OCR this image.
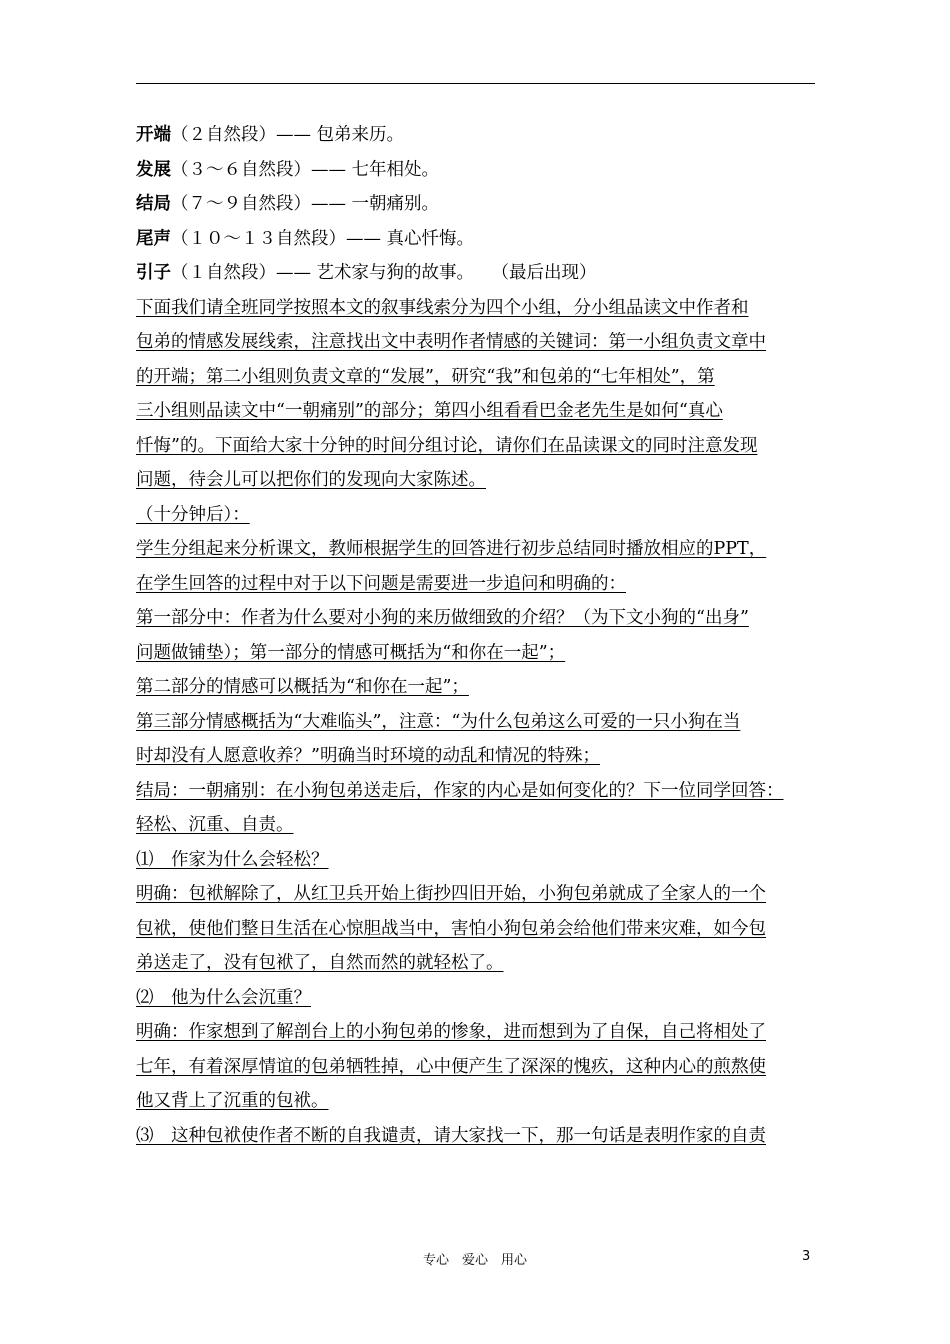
开端（２自然段）—— 包弟来历。
发展（３～６自然段）—— 七年相处。
结局（７～９自然段）—— 一朝痛别。
尾声（１０～１３自然段）—— 真心忏悔。
引子（１自然段）—— 艺术家与狗的故事。　　（最后出现）
下面我们请全班同学按照本文的叙事线索分为四个小组，分小组品读文中作者和
包弟的情感发展线索，注意找出文中表明作者情感的关键词：第一小组负责文章中
的开端；第二小组则负责文章的“发展”，研究“我”和包弟的“七年相处”，第
三小组则品读文中“一朝痛别”的部分；第四小组看看巴金老先生是如何“真心
忏悔”的。下面给大家十分钟的时间分组讨论，请你们在品读课文的同时注意发现
问题，待会儿可以把你们的发现向大家陈述。
（十分钟后）：
学生分组起来分析课文，教师根据学生的回答进行初步总结同时播放相应的PPT，
在学生回答的过程中对于以下问题是需要进一步追问和明确的：
第一部分中：作者为什么要对小狗的来历做细致的介绍？（为下文小狗的“出身”
问题做铺垫）；第一部分的情感可概括为“和你在一起”；
第二部分的情感可以概括为“和你在一起”；
第三部分情感概括为“大难临头”，注意：“为什么包弟这么可爱的一只小狗在当
时却没有人愿意收养？”明确当时环境的动乱和情况的特殊；
结局：一朝痛别：在小狗包弟送走后，作家的内心是如何变化的？下一位同学回答：
轻松、沉重、自责。
⑴　作家为什么会轻松？
明确：包袱解除了，从红卫兵开始上街抄四旧开始，小狗包弟就成了全家人的一个
包袱，使他们整日生活在心惊胆战当中，害怕小狗包弟会给他们带来灾难，如今包
弟送走了，没有包袱了，自然而然的就轻松了。
⑵　他为什么会沉重？
明确：作家想到了解剖台上的小狗包弟的惨象，进而想到为了自保，自己将相处了
七年，有着深厚情谊的包弟牺牲掉，心中便产生了深深的愧疚，这种内心的煎熬使
他又背上了沉重的包袱。
⑶　这种包袱使作者不断的自我谴责，请大家找一下，那一句话是表明作家的自责
专心　爱心　用心	3
